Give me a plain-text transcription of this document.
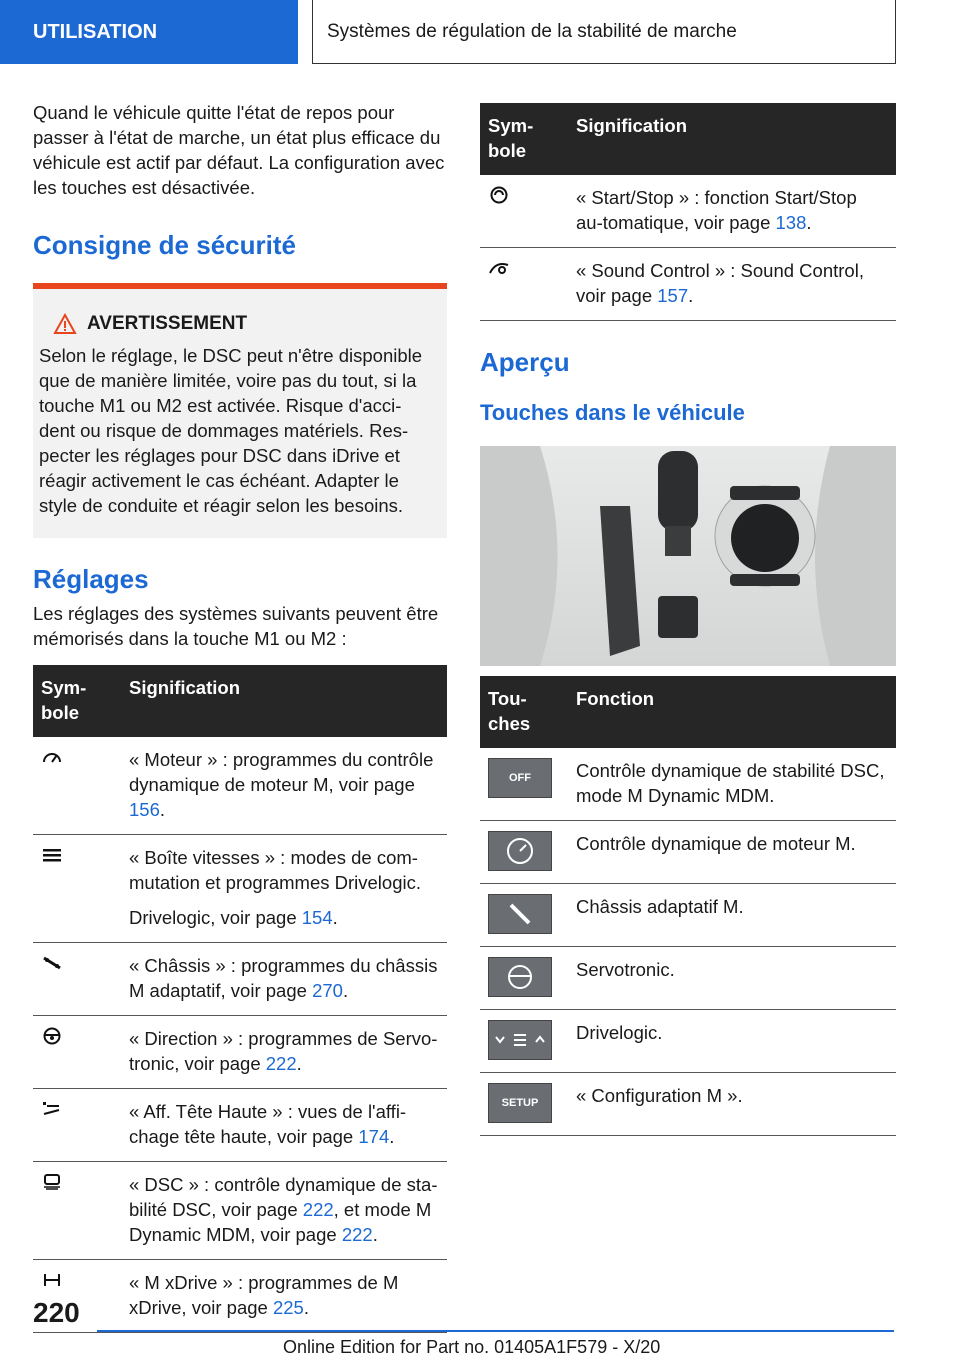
UTILISATION	Systèmes de régulation de la stabilité de marche

Quand le véhicule quitte l'état de repos pour passer à l'état de marche, un état plus efficace du véhicule est actif par défaut. La configuration avec les touches est désactivée.

Consigne de sécurité
AVERTISSEMENT

Selon le réglage, le DSC peut n'être disponible que de manière limitée, voire pas du tout, si la touche M1 ou M2 est activée. Risque d'acci-dent ou risque de dommages matériels. Res-pecter les réglages pour DSC dans iDrive et réagir activement le cas échéant. Adapter le style de conduite et réagir selon les besoins.

Réglages

Les réglages des systèmes suivants peuvent être mémorisés dans la touche M1 ou M2 :

Sym-bole	Signification

« Moteur » : programmes du contrôle dynamique de moteur M, voir page 156.

« Boîte vitesses » : modes de com-mutation et programmes Drivelogic.
Drivelogic, voir page 154.

« Châssis » : programmes du châssis M adaptatif, voir page 270.

« Direction » : programmes de Servo-tronic, voir page 222.

« Aff. Tête Haute » : vues de l'affi-chage tête haute, voir page 174.

« DSC » : contrôle dynamique de sta-bilité DSC, voir page 222, et mode M Dynamic MDM, voir page 222.

« M xDrive » : programmes de M xDrive, voir page 225.
Sym-bole	Signification

« Start/Stop » : fonction Start/Stop au-tomatique, voir page 138.

« Sound Control » : Sound Control, voir page 157.
Aperçu
Touches dans le véhicule
Tou-ches	Fonction

OFF	Contrôle dynamique de stabilité DSC, mode M Dynamic MDM.

	Contrôle dynamique de moteur M.

	Châssis adaptatif M.

	Servotronic.

	Drivelogic.

SETUP	« Configuration M ».
220
Online Edition for Part no. 01405A1F579 - X/20
